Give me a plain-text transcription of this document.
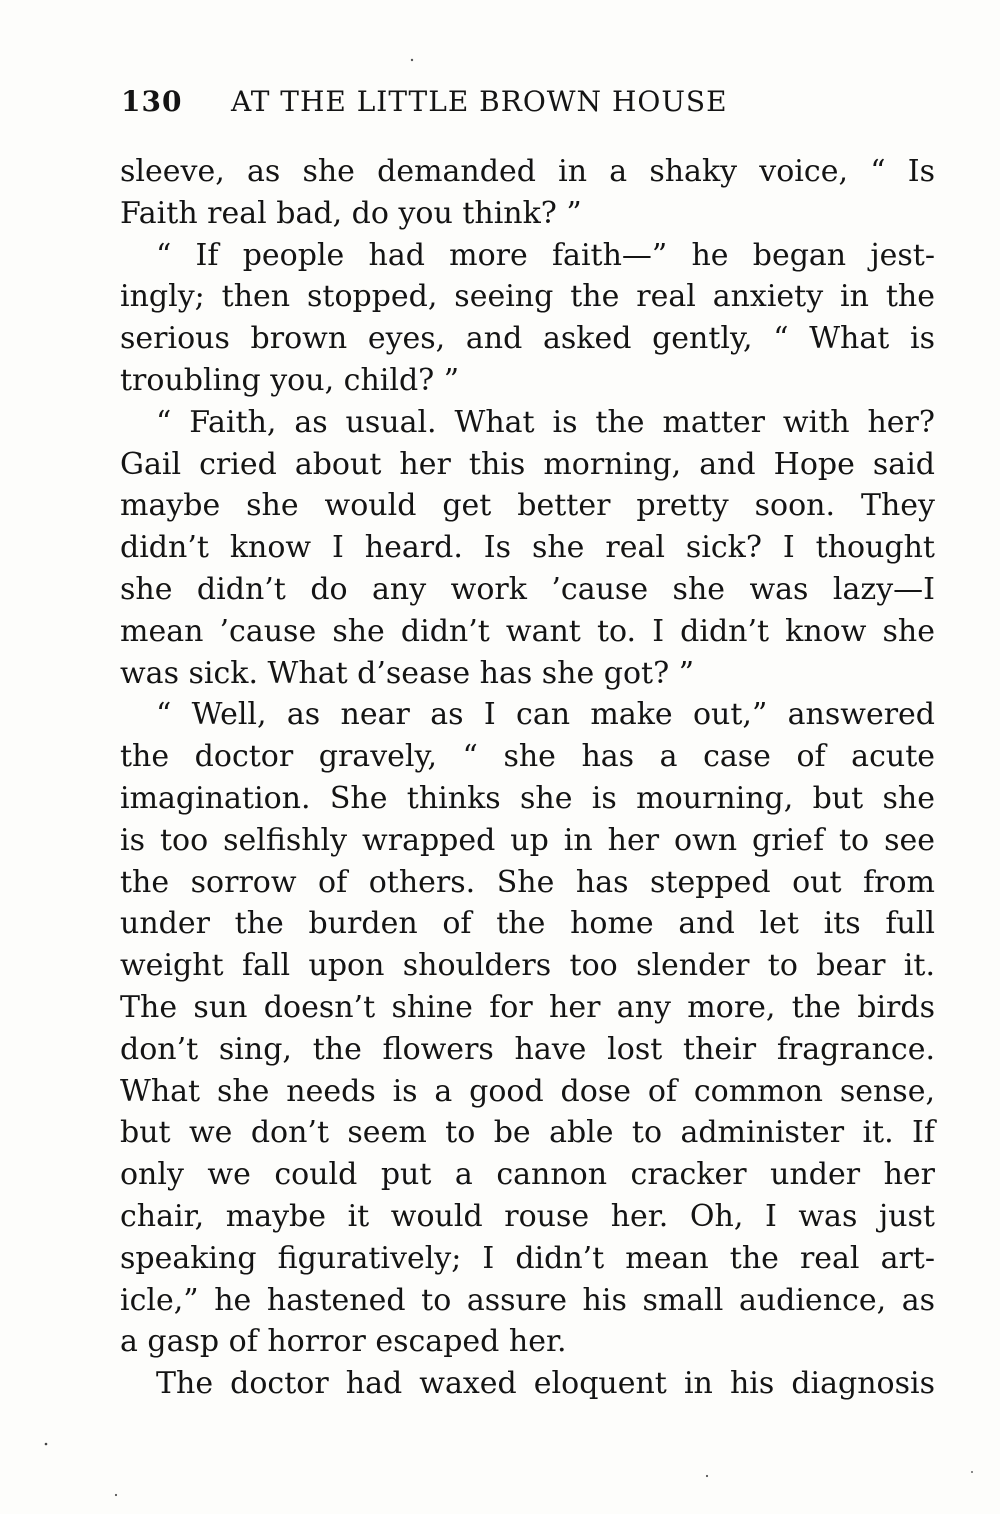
130 AT THE LITTLE BROWN HOUSE
sleeve, as she demanded in a shaky voice, “ Is
Faith real bad, do you think? ”
“ If people had more faith—” he began jest-
ingly; then stopped, seeing the real anxiety in the
serious brown eyes, and asked gently, “ What is
troubling you, child? ”
“ Faith, as usual. What is the matter with her?
Gail cried about her this morning, and Hope said
maybe she would get better pretty soon. They
didn’t know I heard. Is she real sick? I thought
she didn’t do any work ’cause she was lazy—I
mean ’cause she didn’t want to. I didn’t know she
was sick. What d’sease has she got? ”
“ Well, as near as I can make out,” answered
the doctor gravely, “ she has a case of acute
imagination. She thinks she is mourning, but she
is too selfishly wrapped up in her own grief to see
the sorrow of others. She has stepped out from
under the burden of the home and let its full
weight fall upon shoulders too slender to bear it.
The sun doesn’t shine for her any more, the birds
don’t sing, the flowers have lost their fragrance.
What she needs is a good dose of common sense,
but we don’t seem to be able to administer it. If
only we could put a cannon cracker under her
chair, maybe it would rouse her. Oh, I was just
speaking figuratively; I didn’t mean the real art-
icle,” he hastened to assure his small audience, as
a gasp of horror escaped her.
The doctor had waxed eloquent in his diagnosis
